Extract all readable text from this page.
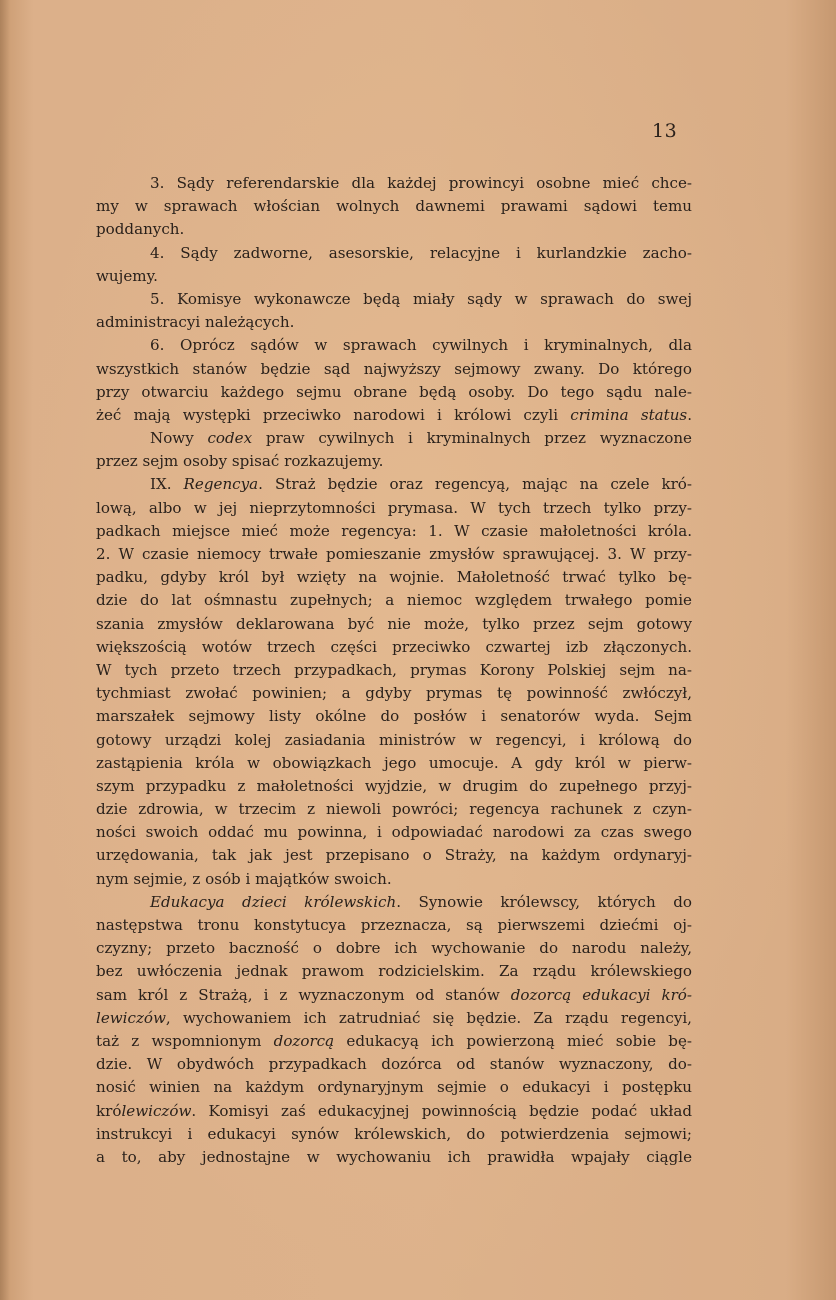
13
3. Sądy referendarskie dla każdej prowincyi osobne mieć chce-
my w sprawach włościan wolnych dawnemi prawami sądowi temu
poddanych.
4. Sądy zadworne, asesorskie, relacyjne i kurlandzkie zacho-
wujemy.
5. Komisye wykonawcze będą miały sądy w sprawach do swej
administracyi należących.
6. Oprócz sądów w sprawach cywilnych i kryminalnych, dla
wszystkich stanów będzie sąd najwyższy sejmowy zwany. Do którego
przy otwarciu każdego sejmu obrane będą osoby. Do tego sądu nale-
żeć mają występki przeciwko narodowi i królowi czyli crimina status.
Nowy codex praw cywilnych i kryminalnych przez wyznaczone
przez sejm osoby spisać rozkazujemy.
IX. Regencya. Straż będzie oraz regencyą, mając na czele kró-
lową, albo w jej nieprzytomności prymasa. W tych trzech tylko przy-
padkach miejsce mieć może regencya: 1. W czasie małoletności króla.
2. W czasie niemocy trwałe pomieszanie zmysłów sprawującej. 3. W przy-
padku, gdyby król był wzięty na wojnie. Małoletność trwać tylko bę-
dzie do lat ośmnastu zupełnych; a niemoc względem trwałego pomie
szania zmysłów deklarowana być nie może, tylko przez sejm gotowy
większością wotów trzech części przeciwko czwartej izb złączonych.
W tych przeto trzech przypadkach, prymas Korony Polskiej sejm na-
tychmiast zwołać powinien; a gdyby prymas tę powinność zwłóczył,
marszałek sejmowy listy okólne do posłów i senatorów wyda. Sejm
gotowy urządzi kolej zasiadania ministrów w regencyi, i królową do
zastąpienia króla w obowiązkach jego umocuje. A gdy król w pierw-
szym przypadku z małoletności wyjdzie, w drugim do zupełnego przyj-
dzie zdrowia, w trzecim z niewoli powróci; regencya rachunek z czyn-
ności swoich oddać mu powinna, i odpowiadać narodowi za czas swego
urzędowania, tak jak jest przepisano o Straży, na każdym ordynaryj-
nym sejmie, z osób i majątków swoich.
Edukacya dzieci królewskich. Synowie królewscy, których do
następstwa tronu konstytucya przeznacza, są pierwszemi dziećmi oj-
czyzny; przeto baczność o dobre ich wychowanie do narodu należy,
bez uwłóczenia jednak prawom rodzicielskim. Za rządu królewskiego
sam król z Strażą, i z wyznaczonym od stanów dozorcą edukacyi kró-
lewiczów, wychowaniem ich zatrudniać się będzie. Za rządu regencyi,
taż z wspomnionym dozorcą edukacyą ich powierzoną mieć sobie bę-
dzie. W obydwóch przypadkach dozórca od stanów wyznaczony, do-
nosić winien na każdym ordynaryjnym sejmie o edukacyi i postępku
królewiczów. Komisyi zaś edukacyjnej powinnością będzie podać układ
instrukcyi i edukacyi synów królewskich, do potwierdzenia sejmowi;
a to, aby jednostajne w wychowaniu ich prawidła wpajały ciągle
